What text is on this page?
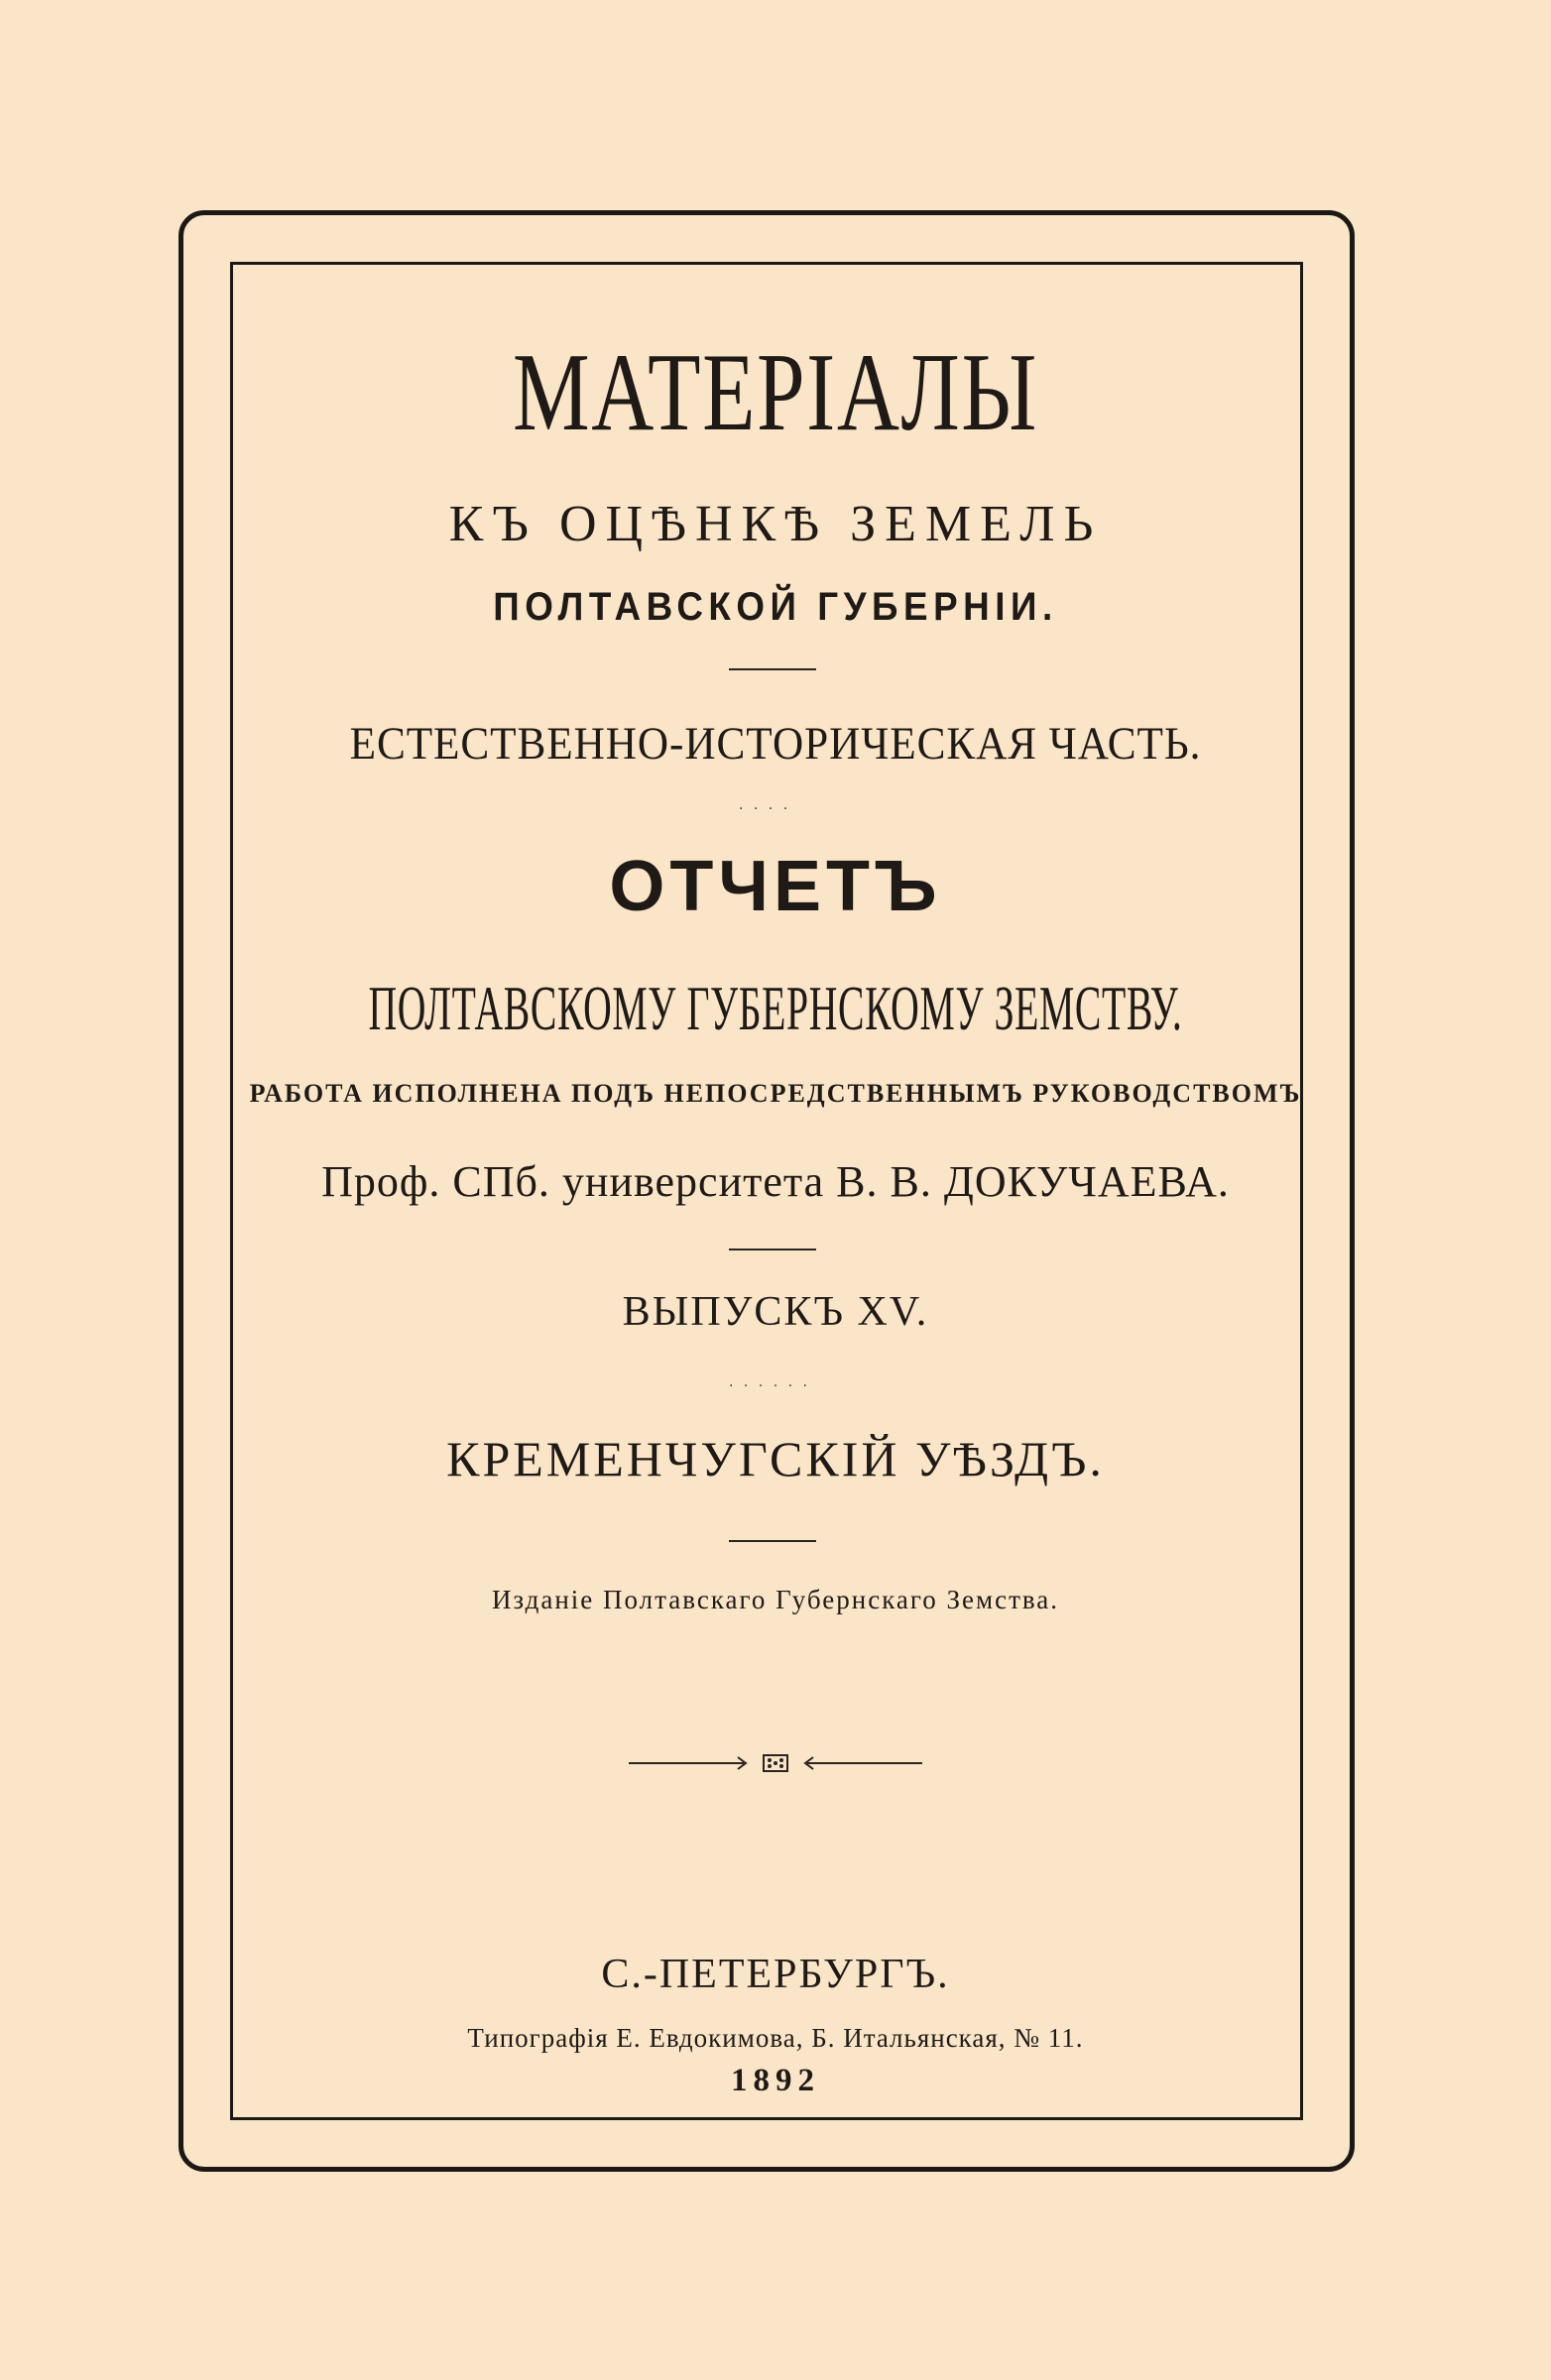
МАТЕРІАЛЫ
КЪ ОЦѢНКѢ ЗЕМЕЛЬ
ПОЛТАВСКОЙ ГУБЕРНІИ.
ЕСТЕСТВЕННО-ИСТОРИЧЕСКАЯ ЧАСТЬ.
· · · ·
ОТЧЕТЪ
ПОЛТАВСКОМУ ГУБЕРНСКОМУ ЗЕМСТВУ.
РАБОТА ИСПОЛНЕНА ПОДЪ НЕПОСРЕДСТВЕННЫМЪ РУКОВОДСТВОМЪ
Проф. СПб. университета В. В. ДОКУЧАЕВА.
ВЫПУСКЪ XV.
· · · · · ·
КРЕМЕНЧУГСКІЙ УѢЗДЪ.
Изданіе Полтавскаго Губернскаго Земства.
С.-ПЕТЕРБУРГЪ.
Типографія Е. Евдокимова, Б. Итальянская, № 11.
1892
